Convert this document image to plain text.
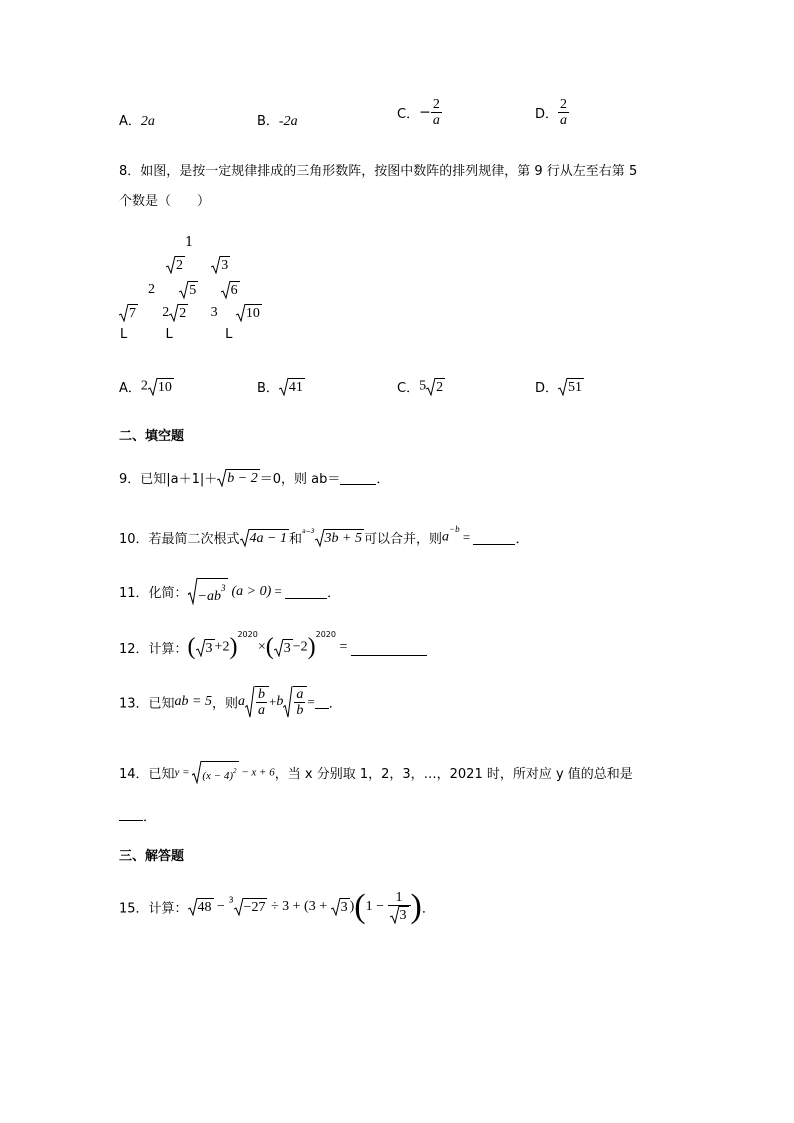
A．2a	B．-2a	C．− $\frac{2}{a}$	D． $\frac{2}{a}$
8．如图，是按一定规律排成的三角形数阵，按图中数阵的排列规律，第 9 行从左至右第 5
个数是（　　）
1
2
	3
2 5
6
7 2 2 3 10
L	L	L
A．2 10	B． 41	C．5 2	D． 51
二、填空题
9．已知|a＋1|＋ b − 2 ＝0，则 ab＝	．
10．若最简二次根式 4a − 1 和$^{a-3}$ 3b + 5 可以合并，则$a^{-b}$ =	．
11．化简： $-ab^3$ (a > 0) =	．
12．计算：( 3 +2)$^{2020}$×( 3 −2)$^{2020}$ =
13．已知ab = 5，则a $\frac{b}{a} +b \frac{a}{b}$ = ．
14．已知$y = (x - 4)^2 - x + 6$，当 x 分别取 1，2，3，…，2021 时，所对应 y 值的总和是
．
三、解答题
15．计算： 48 − $^3$ −27 ÷ 3 + (3 + 3 )($1 - \frac{1}{3}$ )．
